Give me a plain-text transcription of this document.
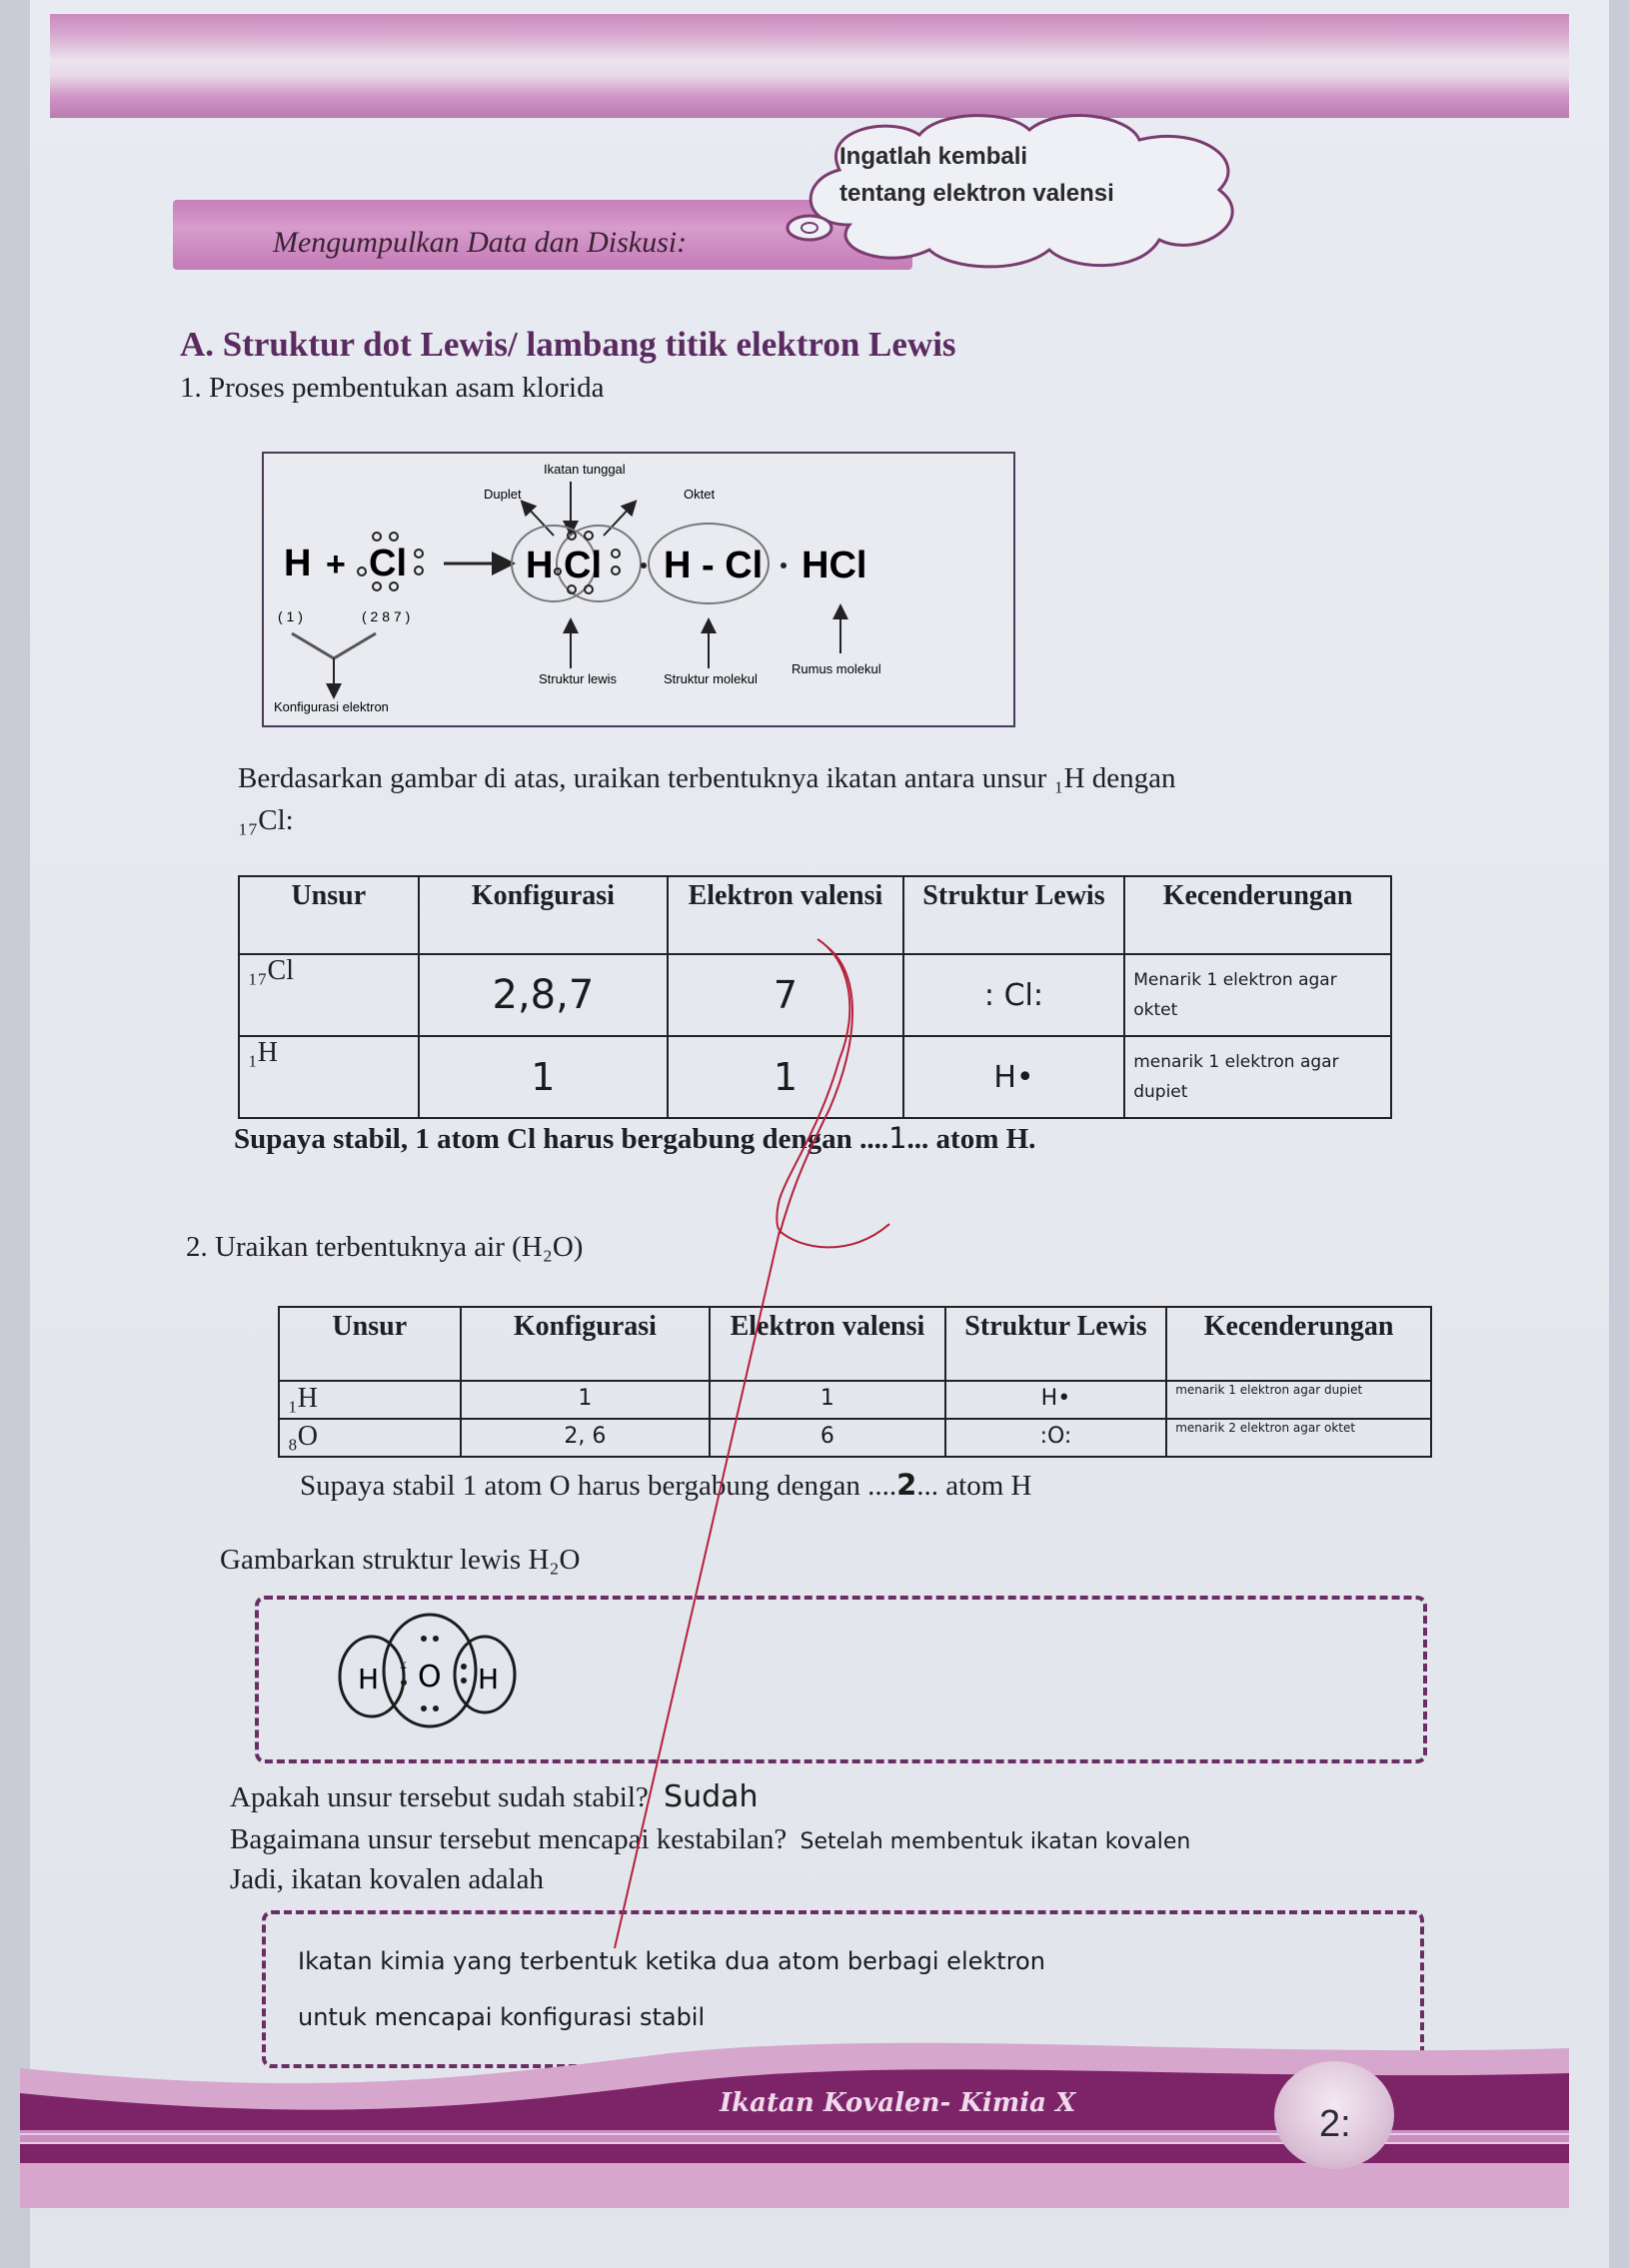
Mengumpulkan Data dan Diskusi:
Ingatlah kembali
tentang elektron valensi
A. Struktur dot Lewis/ lambang titik elektron Lewis
1. Proses pembentukan asam klorida
Ikatan tunggal
Duplet	Oktet
H + Cl	H Cl H - Cl HCl
( 1 )	( 2 8 7 )
Konfigurasi elektron
Struktur lewis	Struktur molekul
Rumus molekul
Berdasarkan gambar di atas, uraikan terbentuknya ikatan antara unsur ₁H dengan
₁₇Cl:
Unsur	Konfigurasi	Elektron valensi	Struktur Lewis	Kecenderungan
₁₇Cl	2,8,7	7	: Cl:	Menarik 1 elektron agar oktet
₁H	1	1	H•	menarik 1 elektron agar dupiet
Supaya stabil, 1 atom Cl harus bergabung dengan ....1... atom H.
2. Uraikan terbentuknya air (H₂O)
Unsur	Konfigurasi	Elektron valensi	Struktur Lewis	Kecenderungan
₁H	1	1	H•	menarik 1 elektron agar dupiet
₈O	2, 6	6	:O:	menarik 2 elektron agar oktet
Supaya stabil 1 atom O harus bergabung dengan ....2... atom H
Gambarkan struktur lewis H₂O
H O H
x
Apakah unsur tersebut sudah stabil? Sudah
Bagaimana unsur tersebut mencapai kestabilan? Setelah membentuk ikatan kovalen
Jadi, ikatan kovalen adalah
Ikatan kimia yang terbentuk ketika dua atom berbagi elektron
untuk mencapai konfigurasi stabil
Ikatan Kovalen- Kimia X	2:
